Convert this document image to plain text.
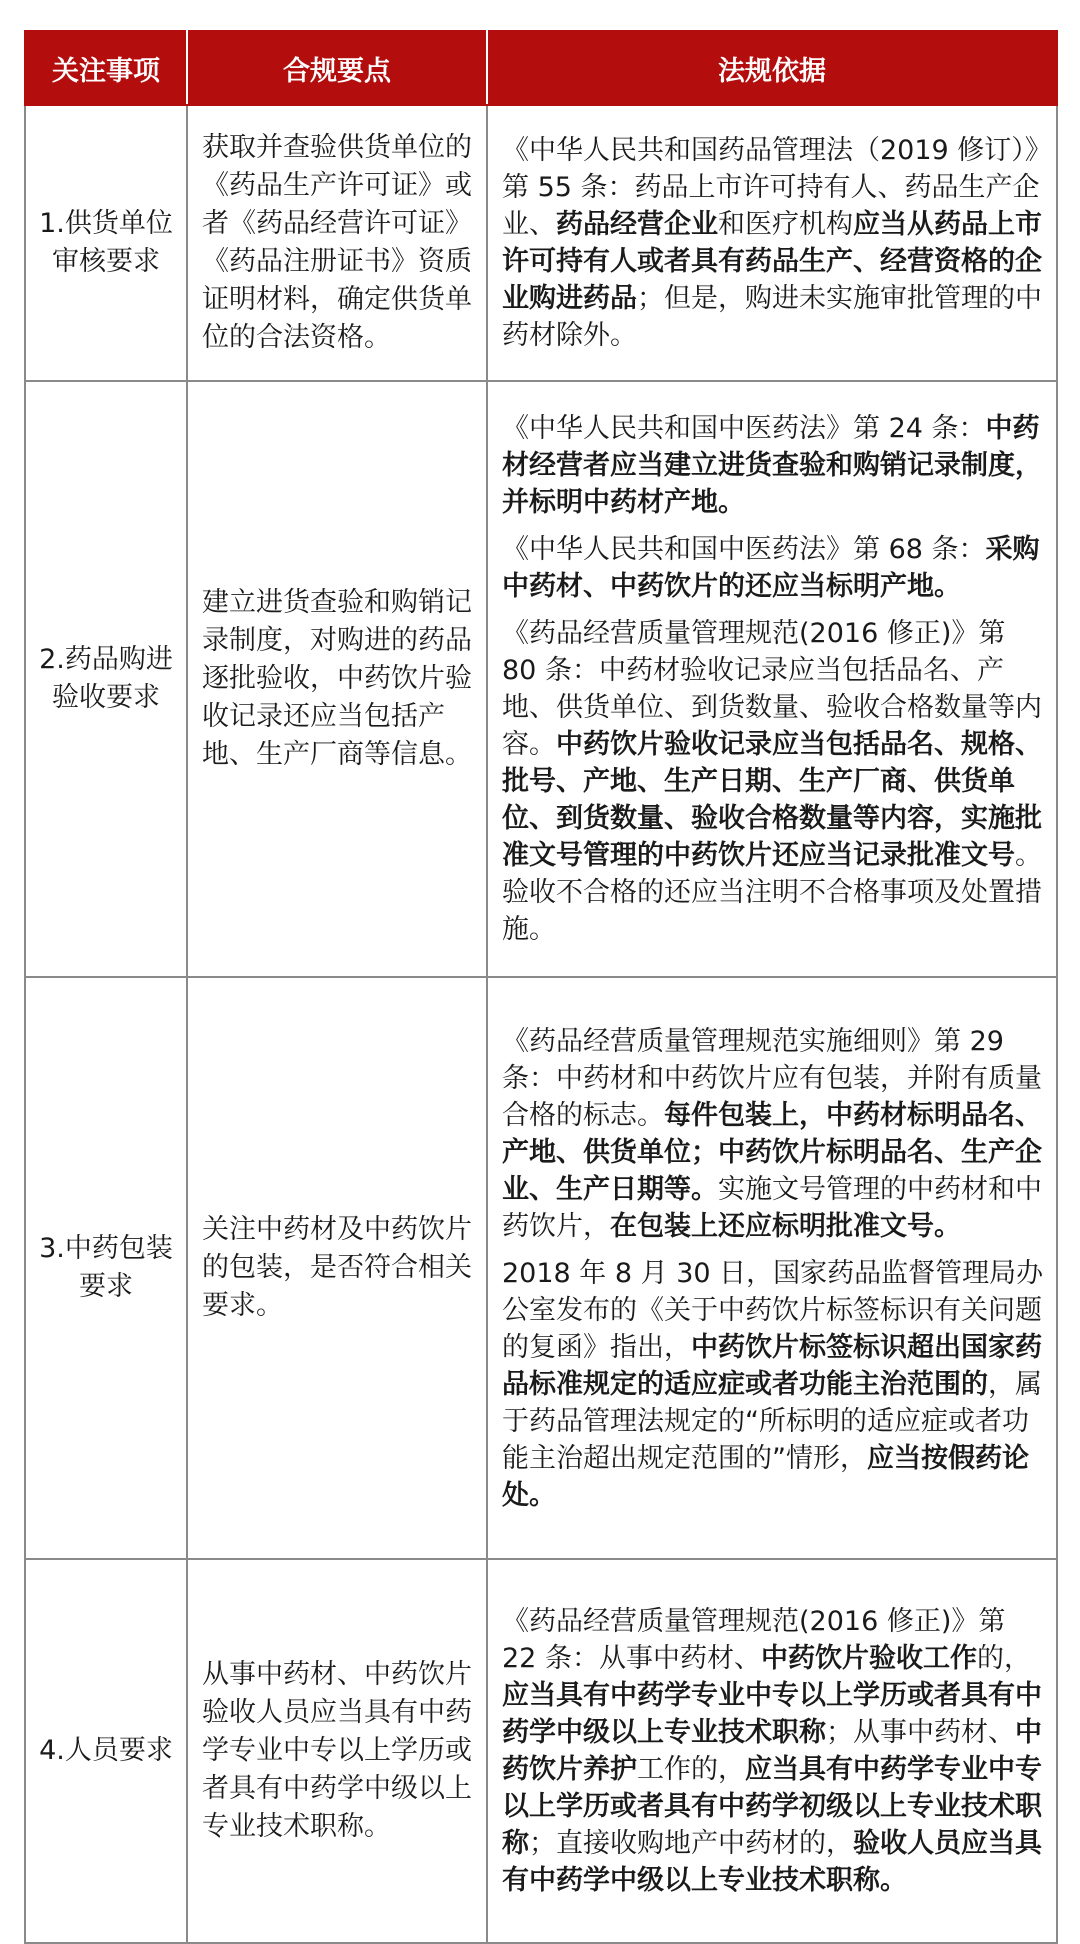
关注事项	合规要点	法规依据
1.供货单位审核要求	获取并查验供货单位的《药品生产许可证》或者《药品经营许可证》《药品注册证书》资质证明材料，确定供货单位的合法资格。	《中华人民共和国药品管理法（2019 修订）》第 55 条：药品上市许可持有人、药品生产企业、药品经营企业和医疗机构应当从药品上市许可持有人或者具有药品生产、经营资格的企业购进药品；但是，购进未实施审批管理的中药材除外。

2.药品购进验收要求	建立进货查验和购销记录制度，对购进的药品逐批验收，中药饮片验收记录还应当包括产地、生产厂商等信息。	《中华人民共和国中医药法》第 24 条：中药材经营者应当建立进货查验和购销记录制度，并标明中药材产地。

《中华人民共和国中医药法》第 68 条：采购中药材、中药饮片的还应当标明产地。

《药品经营质量管理规范(2016 修正)》第 80 条：中药材验收记录应当包括品名、产地、供货单位、到货数量、验收合格数量等内容。中药饮片验收记录应当包括品名、规格、批号、产地、生产日期、生产厂商、供货单位、到货数量、验收合格数量等内容，实施批准文号管理的中药饮片还应当记录批准文号。验收不合格的还应当注明不合格事项及处置措施。

3.中药包装要求	关注中药材及中药饮片的包装，是否符合相关要求。	《药品经营质量管理规范实施细则》第 29 条：中药材和中药饮片应有包装，并附有质量合格的标志。每件包装上，中药材标明品名、产地、供货单位；中药饮片标明品名、生产企业、生产日期等。实施文号管理的中药材和中药饮片，在包装上还应标明批准文号。

2018 年 8 月 30 日，国家药品监督管理局办公室发布的《关于中药饮片标签标识有关问题的复函》指出，中药饮片标签标识超出国家药品标准规定的适应症或者功能主治范围的，属于药品管理法规定的“所标明的适应症或者功能主治超出规定范围的”情形，应当按假药论处。

4.人员要求	从事中药材、中药饮片验收人员应当具有中药学专业中专以上学历或者具有中药学中级以上专业技术职称。	《药品经营质量管理规范(2016 修正)》第 22 条：从事中药材、中药饮片验收工作的，应当具有中药学专业中专以上学历或者具有中药学中级以上专业技术职称；从事中药材、中药饮片养护工作的，应当具有中药学专业中专以上学历或者具有中药学初级以上专业技术职称；直接收购地产中药材的，验收人员应当具有中药学中级以上专业技术职称。
